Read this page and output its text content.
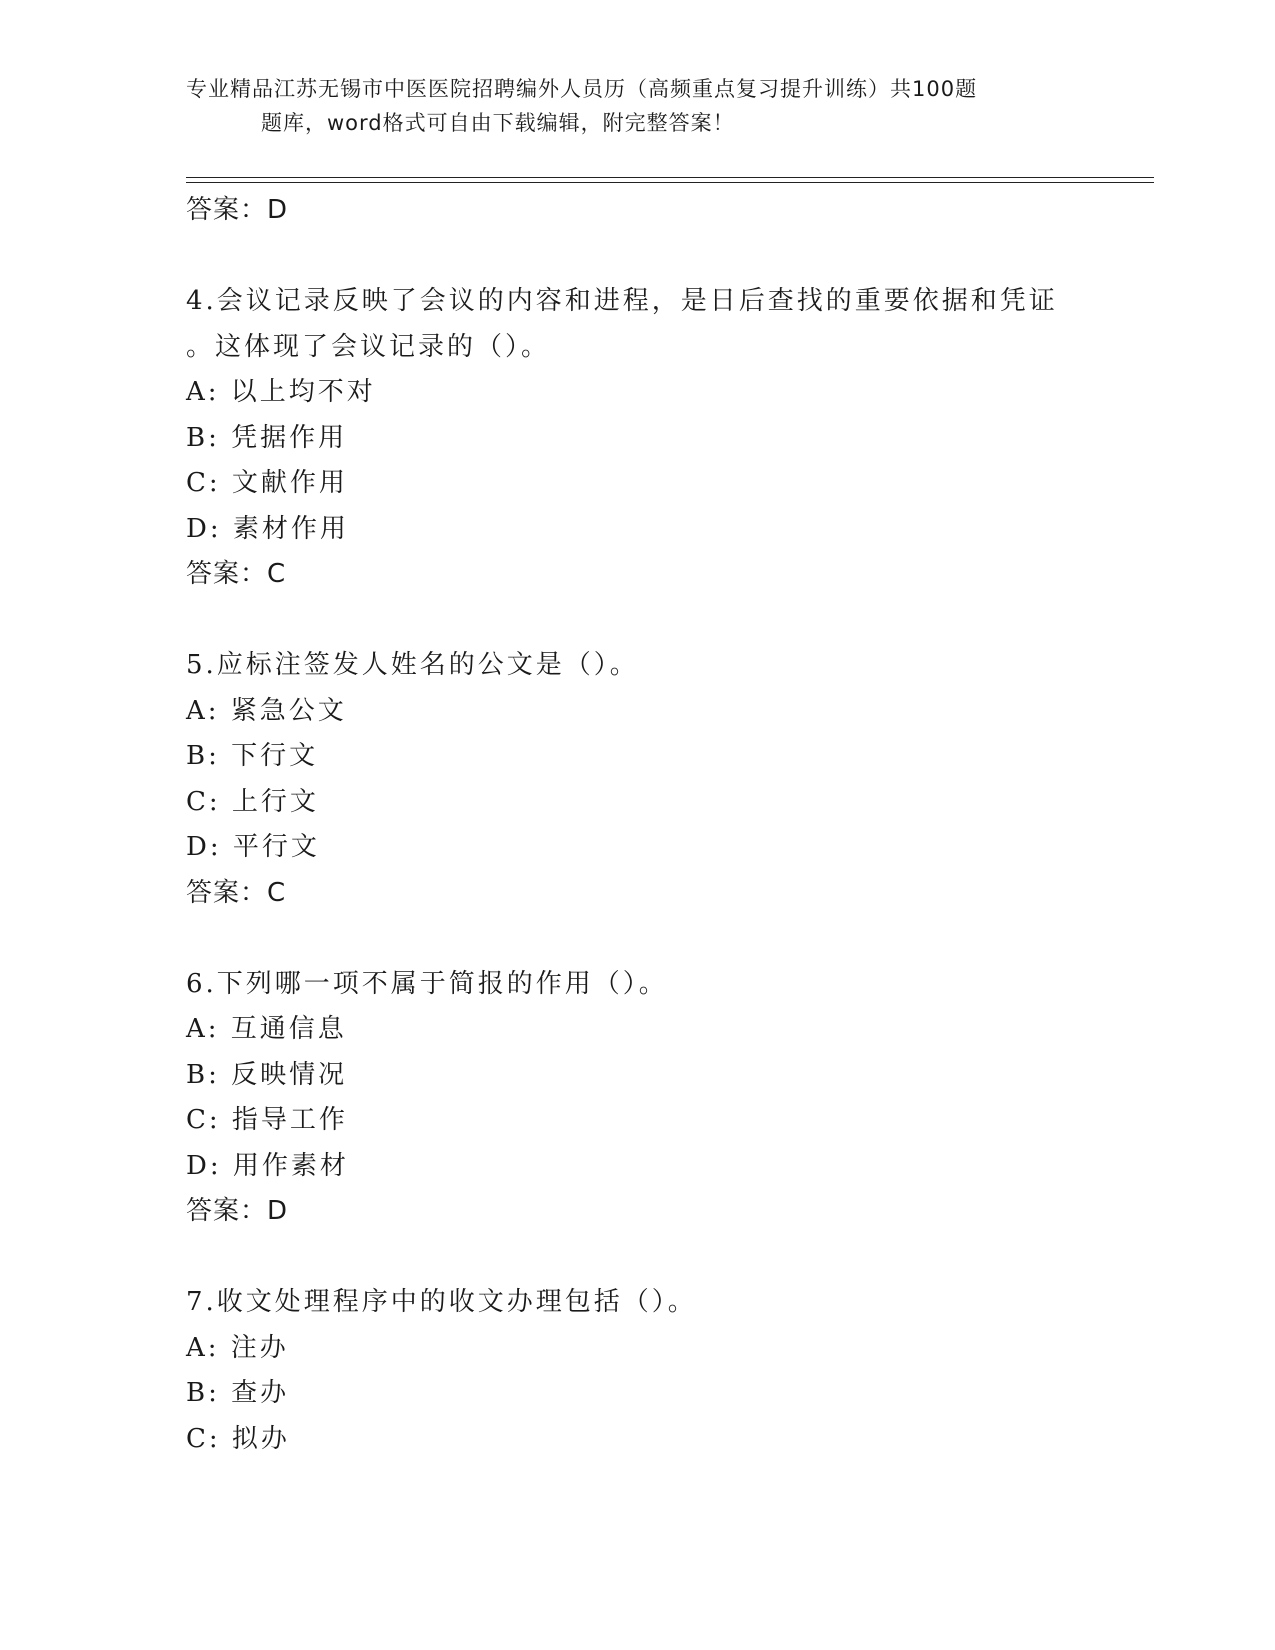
专业精品江苏无锡市中医医院招聘编外人员历（高频重点复习提升训练）共100题
题库，word格式可自由下载编辑，附完整答案！
答案：D
4.会议记录反映了会议的内容和进程，是日后查找的重要依据和凭证
。这体现了会议记录的（）。
A: 以上均不对
B: 凭据作用
C: 文献作用
D: 素材作用
答案：C
5.应标注签发人姓名的公文是（）。
A: 紧急公文
B: 下行文
C: 上行文
D: 平行文
答案：C
6.下列哪一项不属于简报的作用（）。
A: 互通信息
B: 反映情况
C: 指导工作
D: 用作素材
答案：D
7.收文处理程序中的收文办理包括（）。
A: 注办
B: 查办
C: 拟办
